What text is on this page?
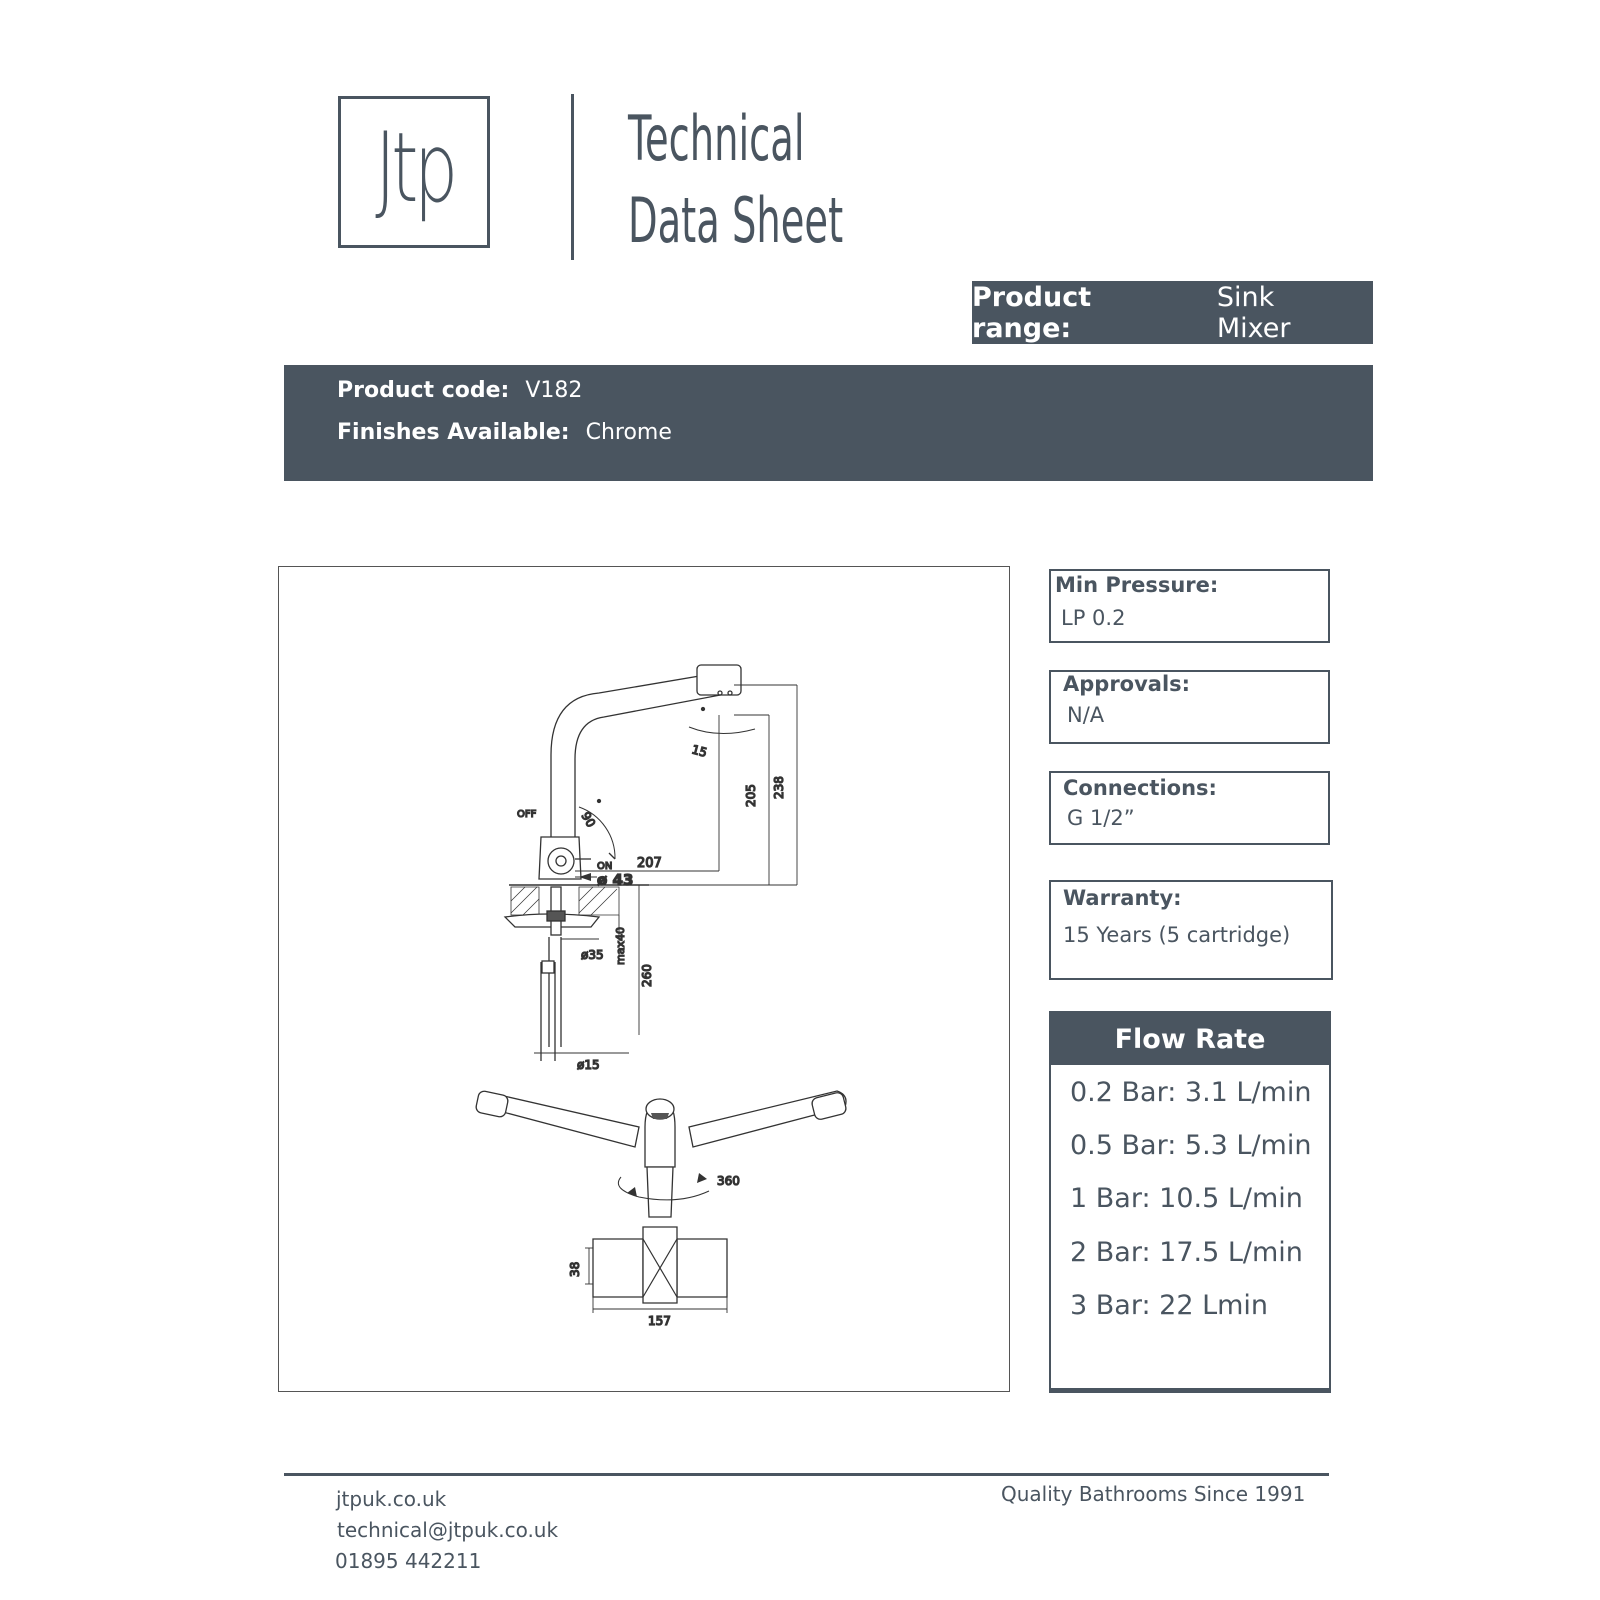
Jtp	Technical
Data Sheet
Product range:
Sink Mixer
Product code: V182
Finishes Available: Chrome
238
205
15
90
OFF
ON 207
ø 43
ø35 max40
260
ø15
360
38
157
Min Pressure:
LP 0.2
Approvals:
N/A
Connections:
G 1/2”
Warranty:
15 Years (5 cartridge)
Flow Rate
0.2 Bar: 3.1 L/min
0.5 Bar: 5.3 L/min
1 Bar: 10.5 L/min
2 Bar: 17.5 L/min
3 Bar: 22 Lmin
jtpuk.co.uk
technical@jtpuk.co.uk
01895 442211
Quality Bathrooms Since 1991
